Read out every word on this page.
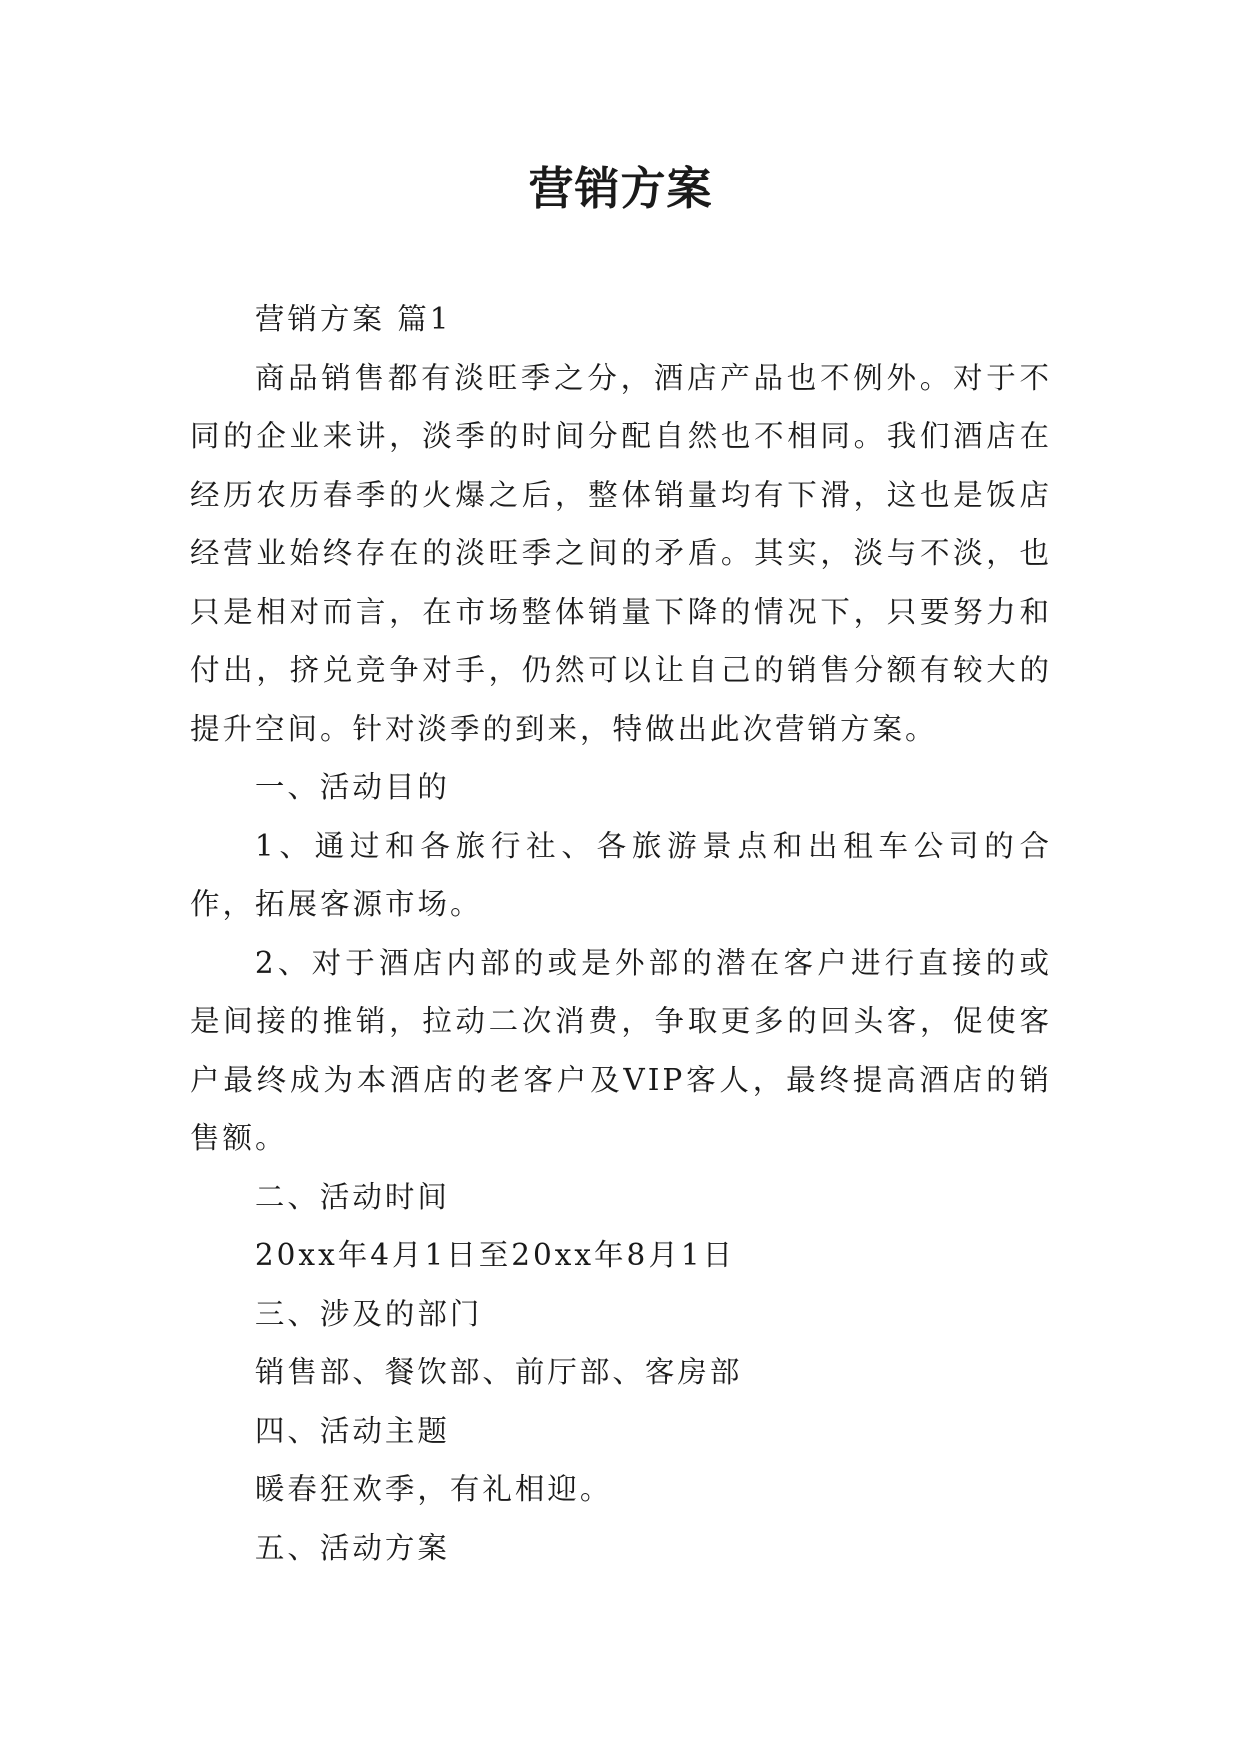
营销方案

营销方案 篇1

商品销售都有淡旺季之分，酒店产品也不例外。对于不同的企业来讲，淡季的时间分配自然也不相同。我们酒店在经历农历春季的火爆之后，整体销量均有下滑，这也是饭店经营业始终存在的淡旺季之间的矛盾。其实，淡与不淡，也只是相对而言，在市场整体销量下降的情况下，只要努力和付出，挤兑竞争对手，仍然可以让自己的销售分额有较大的提升空间。针对淡季的到来，特做出此次营销方案。

一、活动目的

1、通过和各旅行社、各旅游景点和出租车公司的合作，拓展客源市场。

2、对于酒店内部的或是外部的潜在客户进行直接的或是间接的推销，拉动二次消费，争取更多的回头客，促使客户最终成为本酒店的老客户及VIP客人，最终提高酒店的销售额。

二、活动时间

20xx年4月1日至20xx年8月1日

三、涉及的部门

销售部、餐饮部、前厅部、客房部

四、活动主题

暖春狂欢季，有礼相迎。

五、活动方案
